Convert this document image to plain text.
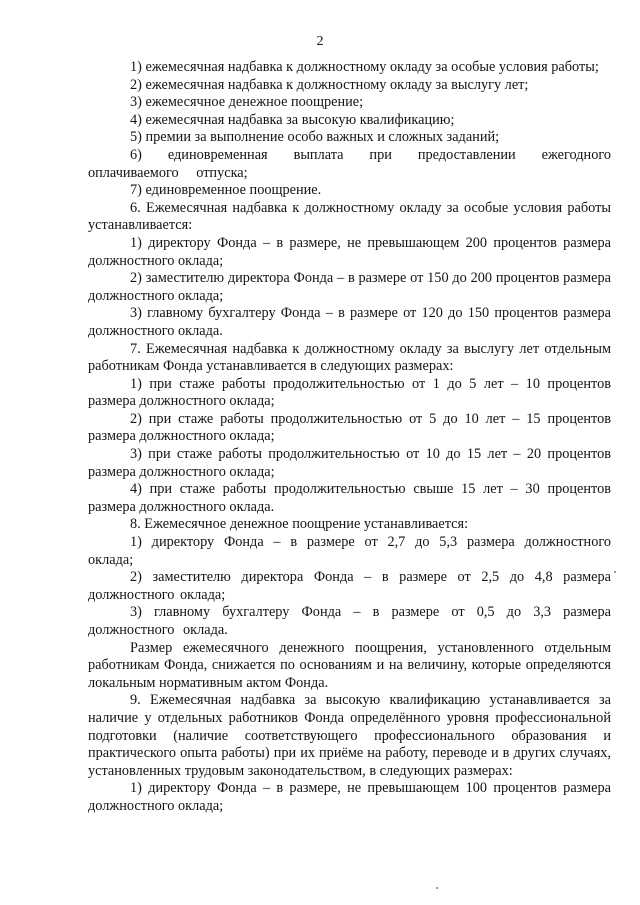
2

1) ежемесячная надбавка к должностному окладу за особые условия работы;

2) ежемесячная надбавка к должностному окладу за выслугу лет;

3) ежемесячное денежное поощрение;

4) ежемесячная надбавка за высокую квалификацию;

5) премии за выполнение особо важных и сложных заданий;

6) единовременная выплата при предоставлении ежегодного оплачиваемого отпуска;

7) единовременное поощрение.

6. Ежемесячная надбавка к должностному окладу за особые условия работы устанавливается:

1) директору Фонда – в размере, не превышающем 200 процентов размера должностного оклада;

2) заместителю директора Фонда – в размере от 150 до 200 процентов размера должностного оклада;

3) главному бухгалтеру Фонда – в размере от 120 до 150 процентов размера должностного оклада.

7. Ежемесячная надбавка к должностному окладу за выслугу лет отдельным работникам Фонда устанавливается в следующих размерах:

1) при стаже работы продолжительностью от 1 до 5 лет – 10 процентов размера должностного оклада;

2) при стаже работы продолжительностью от 5 до 10 лет – 15 процентов размера должностного оклада;

3) при стаже работы продолжительностью от 10 до 15 лет – 20 процентов размера должностного оклада;

4) при стаже работы продолжительностью свыше 15 лет – 30 процентов размера должностного оклада.

8. Ежемесячное денежное поощрение устанавливается:

1) директору Фонда – в размере от 2,7 до 5,3 размера должностного оклада;

2) заместителю директора Фонда – в размере от 2,5 до 4,8 размера должностного оклада;

3) главному бухгалтеру Фонда – в размере от 0,5 до 3,3 размера должностного оклада.

Размер ежемесячного денежного поощрения, установленного отдельным работникам Фонда, снижается по основаниям и на величину, которые определяются локальным нормативным актом Фонда.

9. Ежемесячная надбавка за высокую квалификацию устанавливается за наличие у отдельных работников Фонда определённого уровня профессиональной подготовки (наличие соответствующего профессионального образования и практического опыта работы) при их приёме на работу, переводе и в других случаях, установленных трудовым законодательством, в следующих размерах:

1) директору Фонда – в размере, не превышающем 100 процентов размера должностного оклада;
